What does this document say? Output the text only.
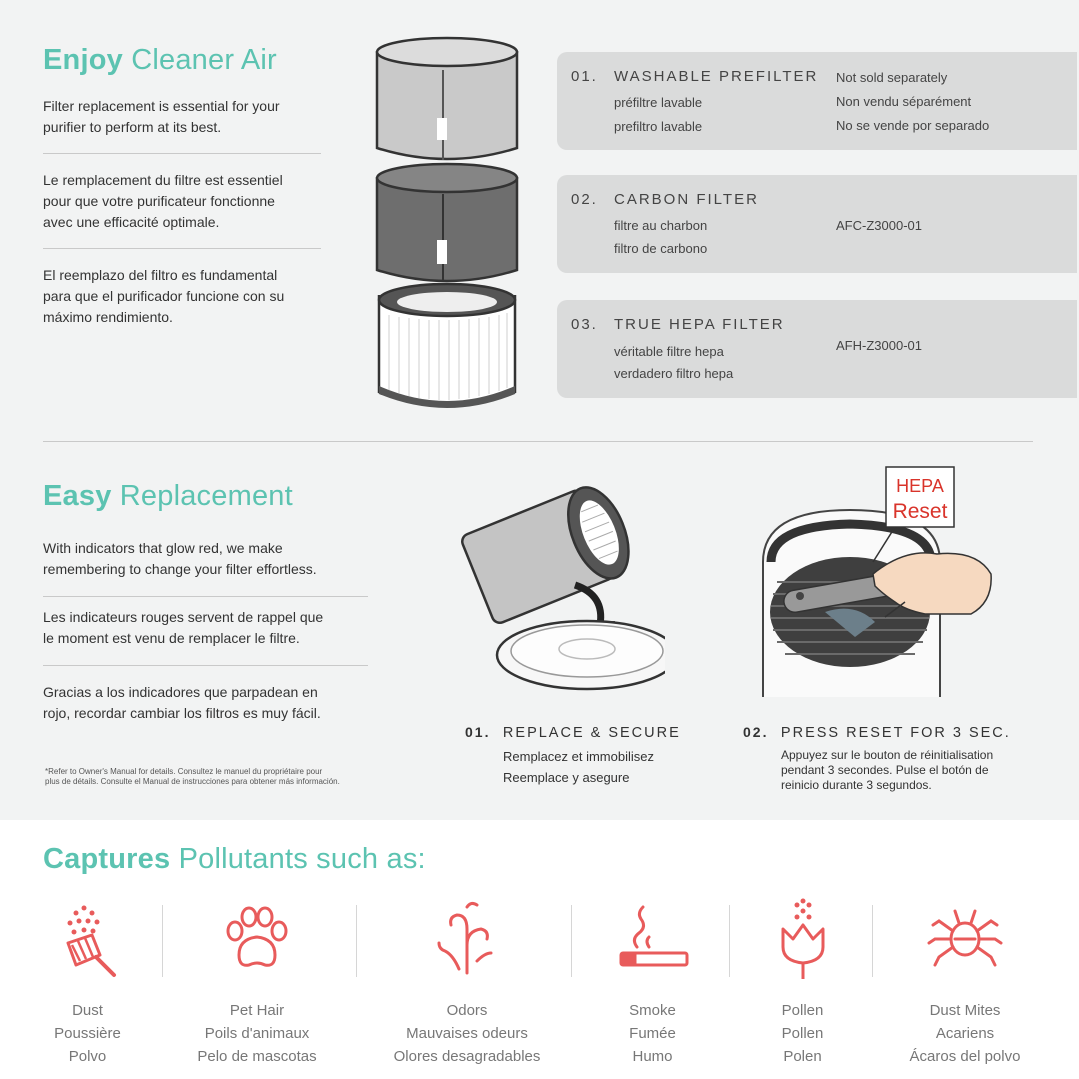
Enjoy Cleaner Air
Filter replacement is essential for your
purifier to perform at its best.
Le remplacement du filtre est essentiel
pour que votre purificateur fonctionne
avec une efficacité optimale.
El reemplazo del filtro es fundamental
para que el purificador funcione con su
máximo rendimiento.
01. WASHABLE PREFILTER
préfiltre lavable
prefiltro lavable
Not sold separately
Non vendu séparément
No se vende por separado
02. CARBON FILTER
filtre au charbon
filtro de carbono
AFC-Z3000-01
03. TRUE HEPA FILTER
véritable filtre hepa
verdadero filtro hepa
AFH-Z3000-01
Easy Replacement
With indicators that glow red, we make
remembering to change your filter effortless.
Les indicateurs rouges servent de rappel que
le moment est venu de remplacer le filtre.
Gracias a los indicadores que parpadean en
rojo, recordar cambiar los filtros es muy fácil.
*Refer to Owner's Manual for details. Consultez le manuel du propriétaire pour
plus de détails. Consulte el Manual de instrucciones para obtener más información.
HEPA
Reset
01. REPLACE & SECURE
Remplacez et immobilisez
Reemplace y asegure
02. PRESS RESET FOR 3 SEC.
Appuyez sur le bouton de réinitialisation
pendant 3 secondes. Pulse el botón de
reinicio durante 3 segundos.
Captures Pollutants such as:
Dust
Poussière
Polvo
Pet Hair
Poils d'animaux
Pelo de mascotas
Odors
Mauvaises odeurs
Olores desagradables
Smoke
Fumée
Humo
Pollen
Pollen
Polen
Dust Mites
Acariens
Ácaros del polvo
